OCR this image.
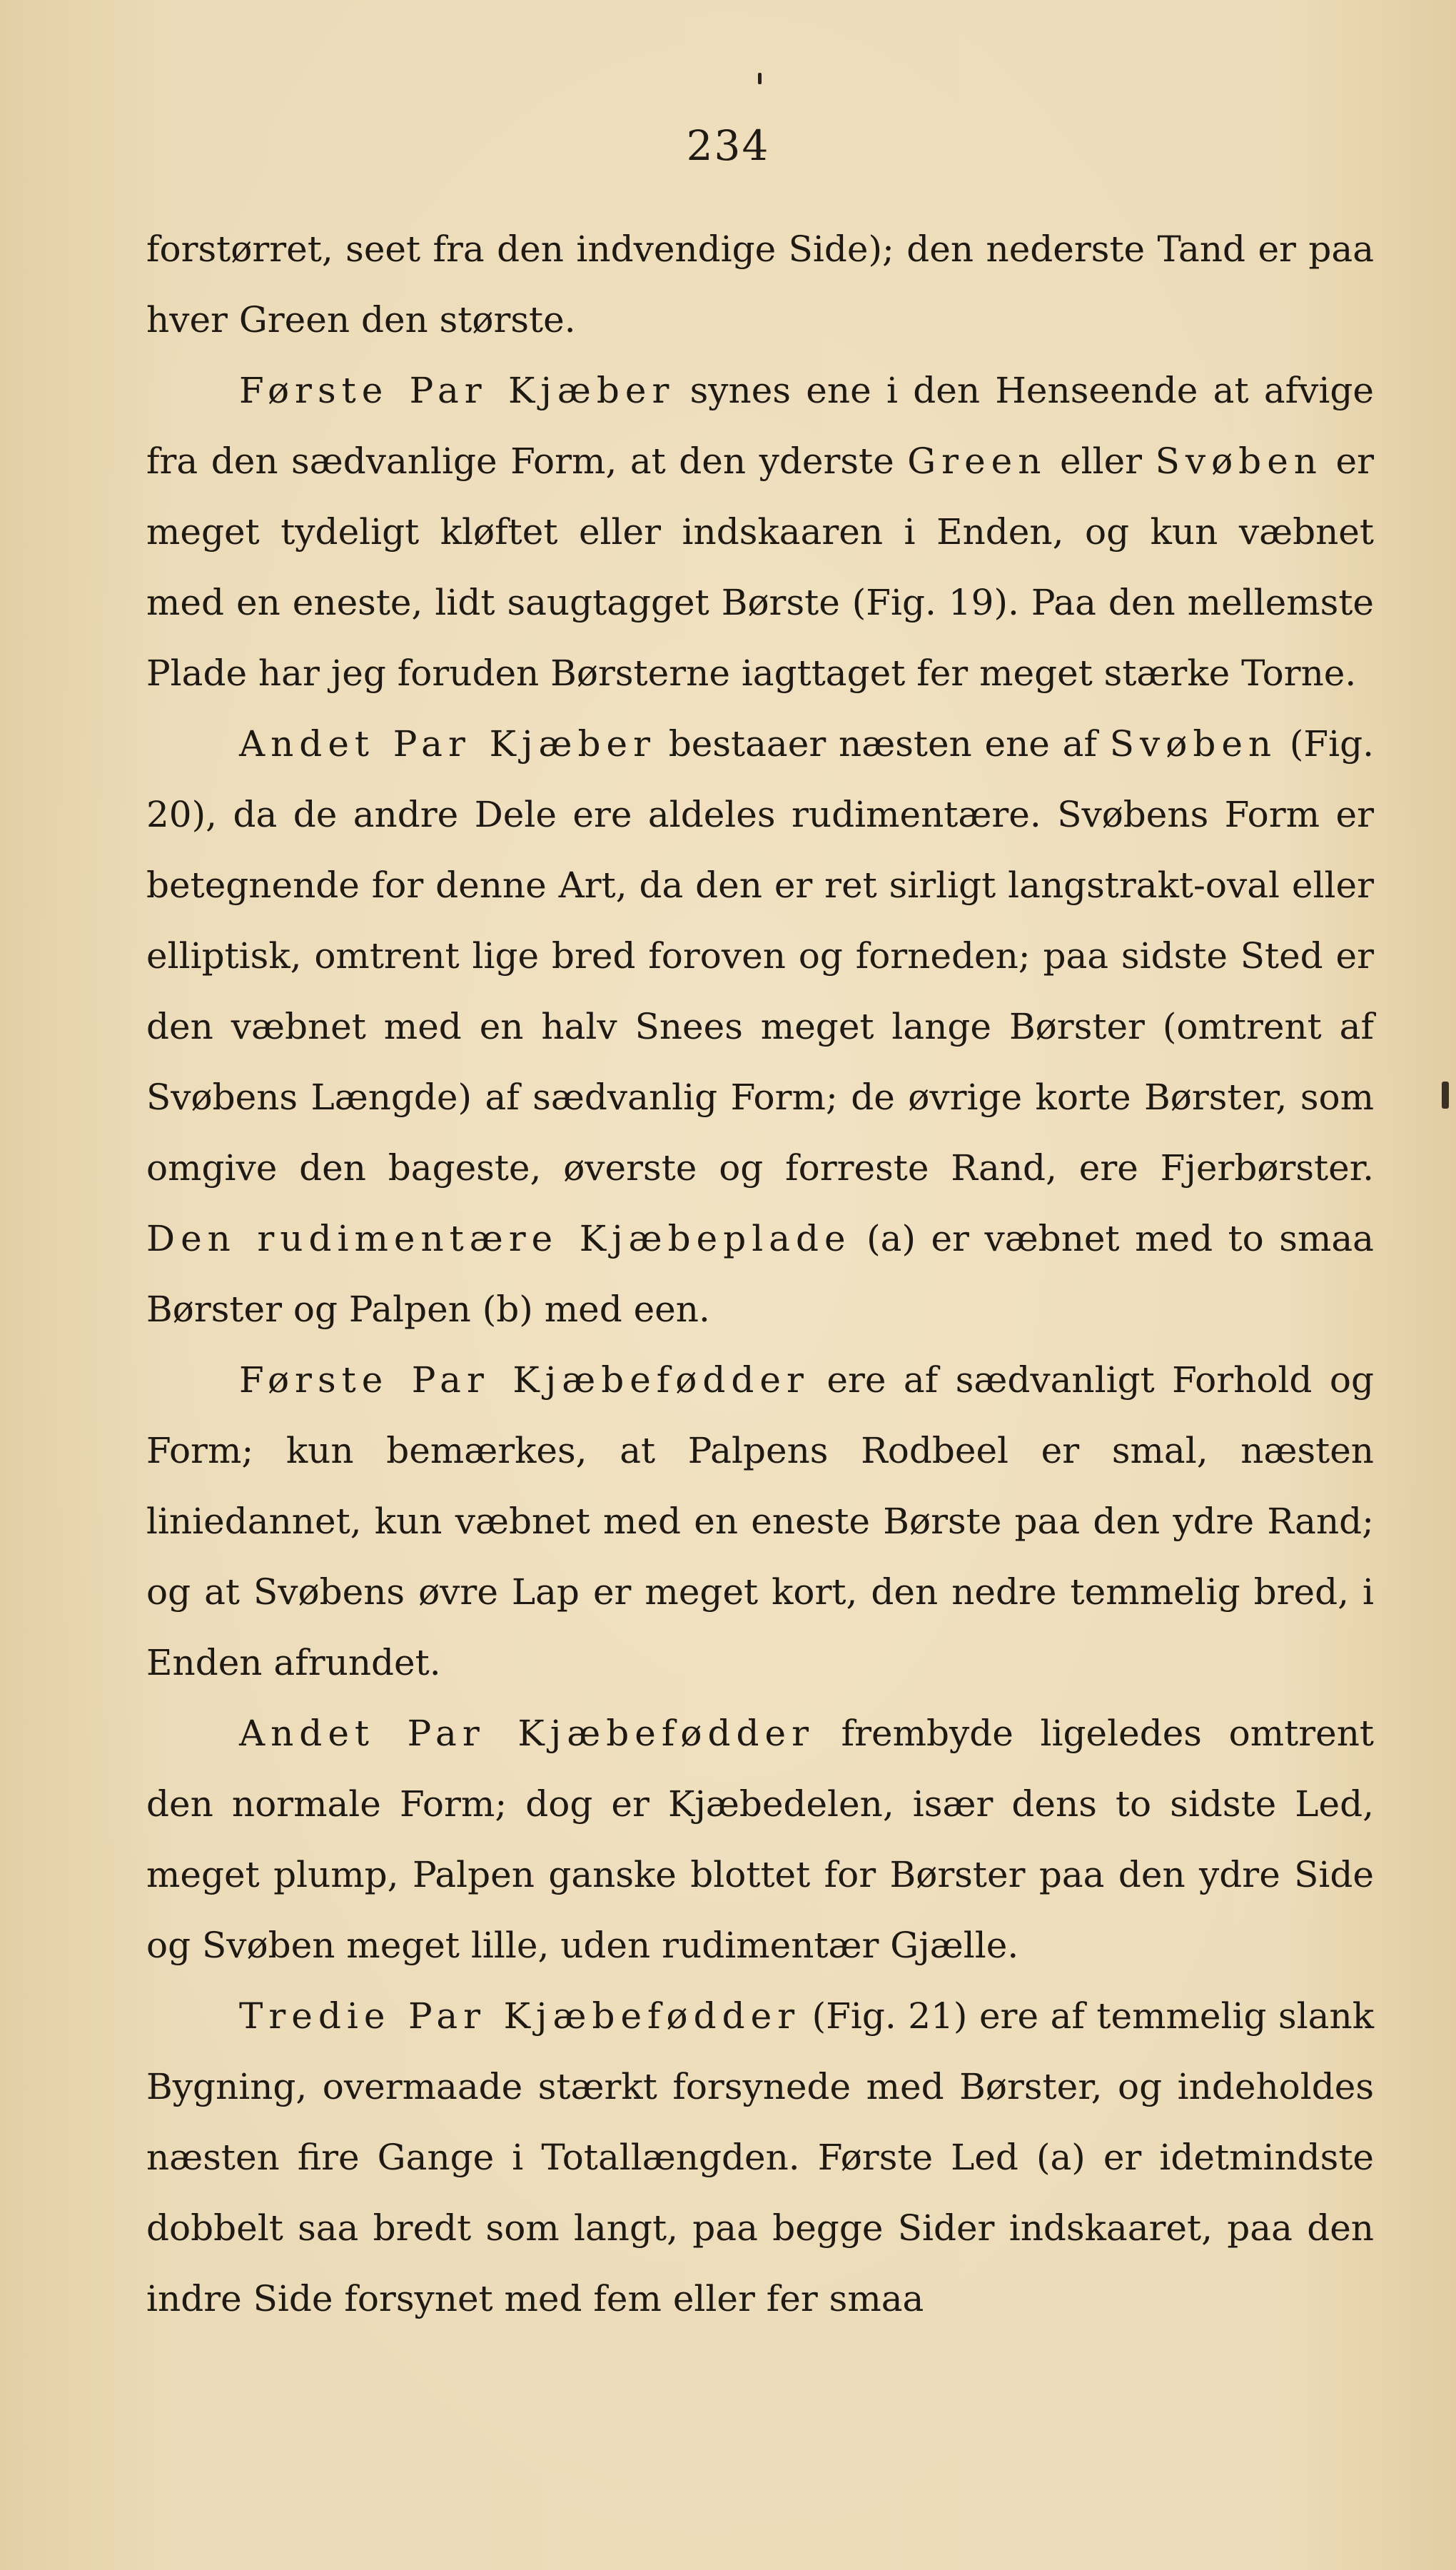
234

forstørret, seet fra den indvendige Side); den nederste Tand er paa hver Green den største.

Første Par Kjæber synes ene i den Henseende at afvige fra den sædvanlige Form, at den yderste Green eller Svøben er meget tydeligt kløftet eller indskaaren i Enden, og kun væbnet med en eneste, lidt saugtagget Børste (Fig. 19). Paa den mellemste Plade har jeg foruden Børsterne iagttaget fer meget stærke Torne.

Andet Par Kjæber bestaaer næsten ene af Svøben (Fig. 20), da de andre Dele ere aldeles rudimentære. Svøbens Form er betegnende for denne Art, da den er ret sirligt langstrakt-oval eller elliptisk, omtrent lige bred foroven og forneden; paa sidste Sted er den væbnet med en halv Snees meget lange Børster (omtrent af Svøbens Længde) af sædvanlig Form; de øvrige korte Børster, som omgive den bageste, øverste og forreste Rand, ere Fjerbørster. Den rudimentære Kjæbeplade (a) er væbnet med to smaa Børster og Palpen (b) med een.

Første Par Kjæbefødder ere af sædvanligt Forhold og Form; kun bemærkes, at Palpens Rodbeel er smal, næsten liniedannet, kun væbnet med en eneste Børste paa den ydre Rand; og at Svøbens øvre Lap er meget kort, den nedre temmelig bred, i Enden afrundet.

Andet Par Kjæbefødder frembyde ligeledes omtrent den normale Form; dog er Kjæbedelen, især dens to sidste Led, meget plump, Palpen ganske blottet for Børster paa den ydre Side og Svøben meget lille, uden rudimentær Gjælle.

Tredie Par Kjæbefødder (Fig. 21) ere af temmelig slank Bygning, overmaade stærkt forsynede med Børster, og indeholdes næsten fire Gange i Totallængden. Første Led (a) er idetmindste dobbelt saa bredt som langt, paa begge Sider indskaaret, paa den indre Side forsynet med fem eller fer smaa
